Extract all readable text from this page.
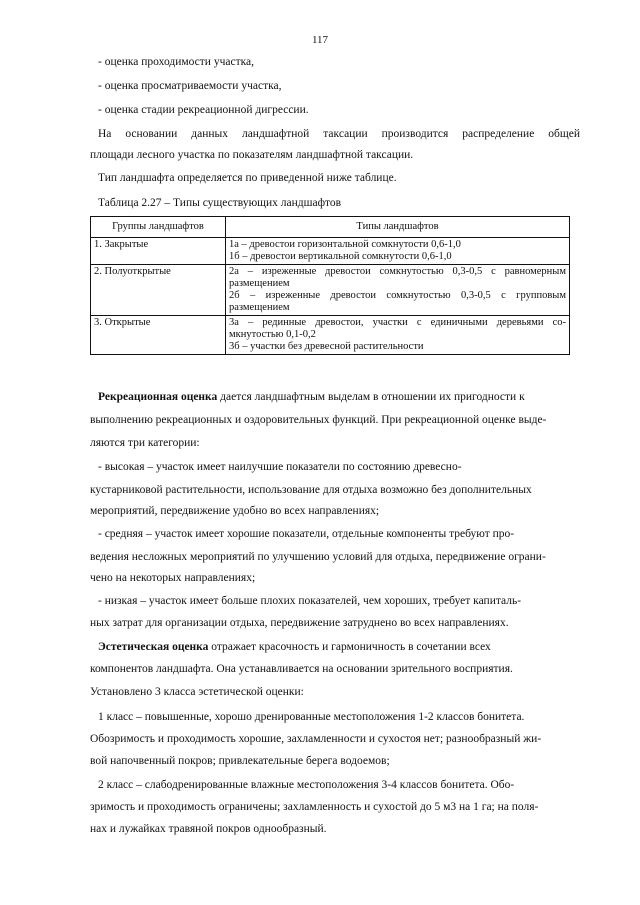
117
- оценка проходимости участка,
- оценка просматриваемости участка,
- оценка стадии рекреационной дигрессии.
На основании данных ландшафтной таксации производится распределение общей
площади лесного участка по показателям ландшафтной таксации.
Тип ландшафта определяется по приведенной ниже таблице.
Таблица 2.27 – Типы существующих ландшафтов
Группы ландшафтов	Типы ландшафтов
1. Закрытые	1а – древостои горизонтальной сомкнутости 0,6-1,0
1б – древостои вертикальной сомкнутости 0,6-1,0

2. Полуоткрытые	2а – изреженные древостои сомкнутостью 0,3-0,5 с равномерным
размещением
2б – изреженные древостои сомкнутостью 0,3-0,5 с групповым
размещением

3. Открытые	3а – рединные древостои, участки с единичными деревьями со-
мкнутостью 0,1-0,2
3б – участки без древесной растительности
Рекреационная оценка дается ландшафтным выделам в отношении их пригодности к
выполнению рекреационных и оздоровительных функций. При рекреационной оценке выде-
ляются три категории:
- высокая – участок имеет наилучшие показатели по состоянию древесно-
кустарниковой растительности, использование для отдыха возможно без дополнительных
мероприятий, передвижение удобно во всех направлениях;
- средняя – участок имеет хорошие показатели, отдельные компоненты требуют про-
ведения несложных мероприятий по улучшению условий для отдыха, передвижение ограни-
чено на некоторых направлениях;
- низкая – участок имеет больше плохих показателей, чем хороших, требует капиталь-
ных затрат для организации отдыха, передвижение затруднено во всех направлениях.
Эстетическая оценка отражает красочность и гармоничность в сочетании всех
компонентов ландшафта. Она устанавливается на основании зрительного восприятия.
Установлено 3 класса эстетической оценки:
1 класс – повышенные, хорошо дренированные местоположения 1-2 классов бонитета.
Обозримость и проходимость хорошие, захламленности и сухостоя нет; разнообразный жи-
вой напочвенный покров; привлекательные берега водоемов;
2 класс – слабодренированные влажные местоположения 3-4 классов бонитета. Обо-
зримость и проходимость ограничены; захламленность и сухостой до 5 м3 на 1 га; на поля-
нах и лужайках травяной покров однообразный.
